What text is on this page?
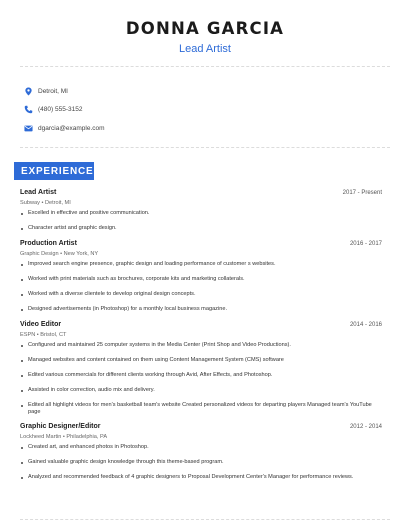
DONNA GARCIA
Lead Artist
Detroit, MI
(480) 555-3152
dgarcia@example.com
EXPERIENCE
Lead Artist	2017 - Present
Subway • Detroit, MI
Excelled in effective and positive communication.
Character artist and graphic design.
Production Artist	2016 - 2017
Graphic Design • New York, NY
Improved search engine presence, graphic design and loading performance of customer s websites.
Worked with print materials such as brochures, corporate kits and marketing collaterals.
Worked with a diverse clientele to develop original design concepts.
Designed advertisements (in Photoshop) for a monthly local business magazine.
Video Editor	2014 - 2016
ESPN • Bristol, CT
Configured and maintained 25 computer systems in the Media Center (Print Shop and Video Productions).
Managed websites and content contained on them using Content Management System (CMS) software
Edited various commercials for different clients working through Avid, After Effects, and Photoshop.
Assisted in color correction, audio mix and delivery.
Edited all highlight videos for men's basketball team's website Created personalized videos for departing players Managed team's YouTube page
Graphic Designer/Editor	2012 - 2014
Lockheed Martin • Philadelphia, PA
Created art, and enhanced photos in Photoshop.
Gained valuable graphic design knowledge through this theme-based program.
Analyzed and recommended feedback of 4 graphic designers to Proposal Development Center's Manager for performance reviews.
